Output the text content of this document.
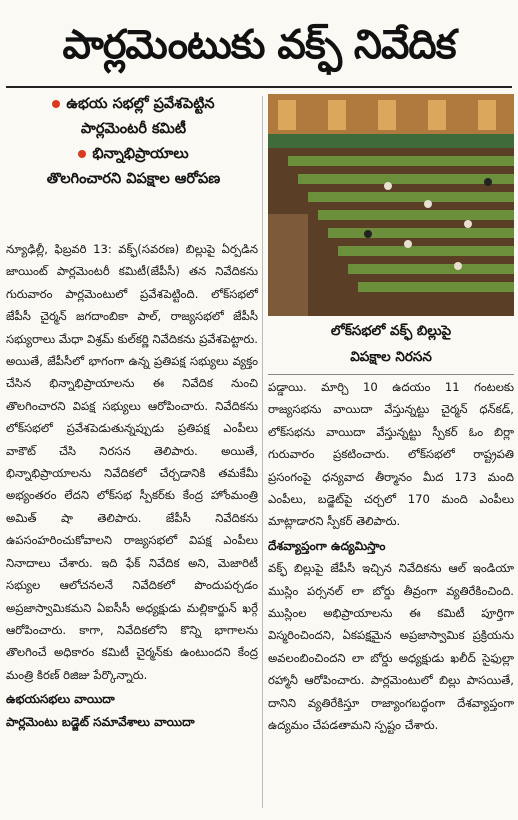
పార్లమెంటుకు వక్ఫ్ నివేదిక
ఉభయ సభల్లో ప్రవేశపెట్టిన
పార్లమెంటరీ కమిటీ
భిన్నాభిప్రాయాలు
తొలగించారని విపక్షాల ఆరోపణ
లోక్‌సభలో వక్ఫ్ బిల్లుపై
విపక్షాల నిరసన

న్యూఢిల్లీ, ఫిబ్రవరి 13: వక్ఫ్(సవరణ) బిల్లుపై ఏర్పడిన జాయింట్ పార్లమెంటరీ కమిటీ(జేపీసీ) తన నివేదికను గురువారం పార్లమెంటులో ప్రవేశపెట్టింది. లోక్‌సభలో జేపీసీ చైర్మన్ జగదాంబికా పాల్, రాజ్యసభలో జేపీసీ సభ్యురాలు మేధా విశ్రమ్ కుల్‌కర్ణి నివేదికను ప్రవేశపెట్టారు. అయితే, జేపీసీలో భాగంగా ఉన్న ప్రతిపక్ష సభ్యులు వ్యక్తం చేసిన భిన్నాభిప్రాయాలను ఈ నివేదిక నుంచి తొలగించారని విపక్ష సభ్యులు ఆరోపించారు. నివేదికను లోక్‌సభలో ప్రవేశపెడుతున్నప్పుడు ప్రతిపక్ష ఎంపీలు వాకౌట్ చేసి నిరసన తెలిపారు. అయితే, భిన్నాభిప్రాయాలను నివేదికలో చేర్చడానికి తమకేమీ అభ్యంతరం లేదని లోక్‌సభ స్పీకర్‌కు కేంద్ర హోంమంత్రి అమిత్ షా తెలిపారు. జేపీసీ నివేదికను ఉపసంహరించుకోవాలని రాజ్యసభలో విపక్ష ఎంపీలు నినాదాలు చేశారు. ఇది ఫేక్ నివేదిక అని, మెజారిటీ సభ్యుల ఆలోచనలనే నివేదికలో పొందుపర్చడం అప్రజాస్వామికమని ఏఐసీసీ అధ్యక్షుడు మల్లికార్జున్ ఖర్గే ఆరోపించారు. కాగా, నివేదికలోని కొన్ని భాగాలను తొలగించే అధికారం కమిటీ చైర్మన్‌కు ఉంటుందని కేంద్ర మంత్రి కిరణ్ రిజిజు పేర్కొన్నారు.

ఉభయసభలు వాయిదా
పార్లమెంటు బడ్జెట్ సమావేశాలు వాయిదా

పడ్డాయి. మార్చి 10 ఉదయం 11 గంటలకు రాజ్యసభను వాయిదా వేస్తున్నట్టు చైర్మన్ ధన్‌కడ్, లోక్‌సభను వాయిదా వేస్తున్నట్టు స్పీకర్ ఓం బిర్లా గురువారం ప్రకటించారు. లోక్‌సభలో రాష్ట్రపతి ప్రసంగంపై ధన్యవాద తీర్మానం మీద 173 మంది ఎంపీలు, బడ్జెట్‌పై చర్చలో 170 మంది ఎంపీలు మాట్లాడారని స్పీకర్ తెలిపారు.

దేశవ్యాప్తంగా ఉద్యమిస్తాం

వక్ఫ్ బిల్లుపై జేపీసీ ఇచ్చిన నివేదికను ఆల్ ఇండియా ముస్లిం పర్సనల్ లా బోర్డు తీవ్రంగా వ్యతిరేకించింది. ముస్లింల అభిప్రాయాలను ఈ కమిటీ పూర్తిగా విస్మరించిందని, ఏకపక్షమైన అప్రజాస్వామిక ప్రక్రియను అవలంబించిందని లా బోర్డు అధ్యక్షుడు ఖలీద్ సైఫుల్లా రహ్మానీ ఆరోపించారు. పార్లమెంటులో బిల్లు పాసయితే, దానిని వ్యతిరేకిస్తూ రాజ్యాంగబద్ధంగా దేశవ్యాప్తంగా ఉద్యమం చేపడతామని స్పష్టం చేశారు.
